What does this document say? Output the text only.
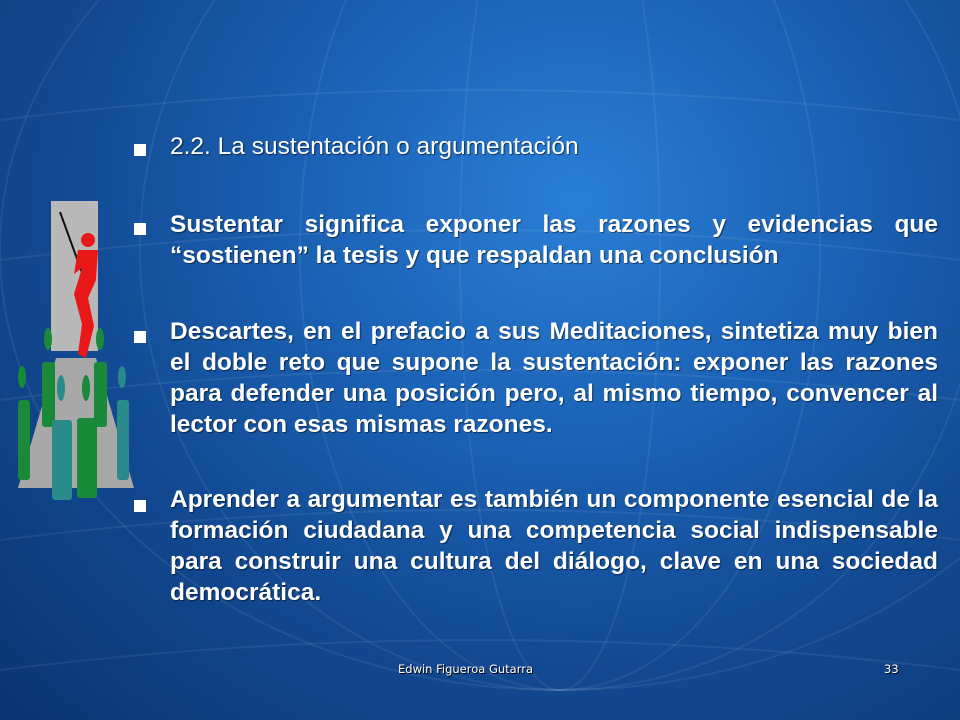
2.2. La sustentación o argumentación
Sustentar significa exponer las razones y evidencias que “sostienen” la tesis y que respaldan una conclusión
Descartes, en el prefacio a sus Meditaciones, sintetiza muy bien el doble reto que supone la sustentación: exponer las razones para defender una posición pero, al mismo tiempo, convencer al lector con esas mismas razones.
Aprender a argumentar es también un componente esencial de la formación ciudadana y una competencia social indispensable para construir una cultura del diálogo, clave en una sociedad democrática.
Edwin Figueroa Gutarra	33
